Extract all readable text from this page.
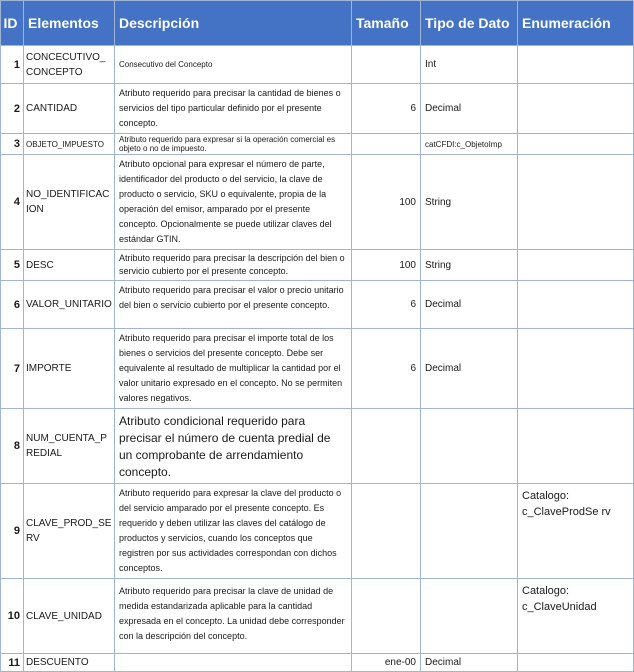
ID	Elementos	Descripción	Tamaño	Tipo de Dato	Enumeración
1	CONCECUTIVO_CONCEPTO	Consecutivo del Concepto		Int	
2	CANTIDAD	Atributo requerido para precisar la cantidad de bienes o servicios del tipo particular definido por el presente concepto.	6	Decimal	
3	OBJETO_IMPUESTO	Atributo requerido para expresar si la operación comercial es objeto o no de impuesto.		catCFDI:c_ObjetoImp	
4	NO_IDENTIFICACION	Atributo opcional para expresar el número de parte, identificador del producto o del servicio, la clave de producto o servicio, SKU o equivalente, propia de la operación del emisor, amparado por el presente concepto. Opcionalmente se puede utilizar claves del estándar GTIN.	100	String	
5	DESC	Atributo requerido para precisar la descripción del bien o servicio cubierto por el presente concepto.	100	String	
6	VALOR_UNITARIO	Atributo requerido para precisar el valor o precio unitario del bien o servicio cubierto por el presente concepto.	6	Decimal	
7	IMPORTE	Atributo requerido para precisar el importe total de los bienes o servicios del presente concepto. Debe ser equivalente al resultado de multiplicar la cantidad por el valor unitario expresado en el concepto. No se permiten valores negativos.	6	Decimal	
8	NUM_CUENTA_PREDIAL	Atributo condicional requerido para precisar el número de cuenta predial de un comprobante de arrendamiento concepto.			
9	CLAVE_PROD_SERV	Atributo requerido para expresar la clave del producto o del servicio amparado por el presente concepto. Es requerido y deben utilizar las claves del catálogo de productos y servicios, cuando los conceptos que registren por sus actividades correspondan con dichos conceptos.			Catalogo: c_ClaveProdSe rv
10	CLAVE_UNIDAD	Atributo requerido para precisar la clave de unidad de medida estandarizada aplicable para la cantidad expresada en el concepto. La unidad debe corresponder con la descripción del concepto.			Catalogo: c_ClaveUnidad
11	DESCUENTO		ene-00	Decimal	
